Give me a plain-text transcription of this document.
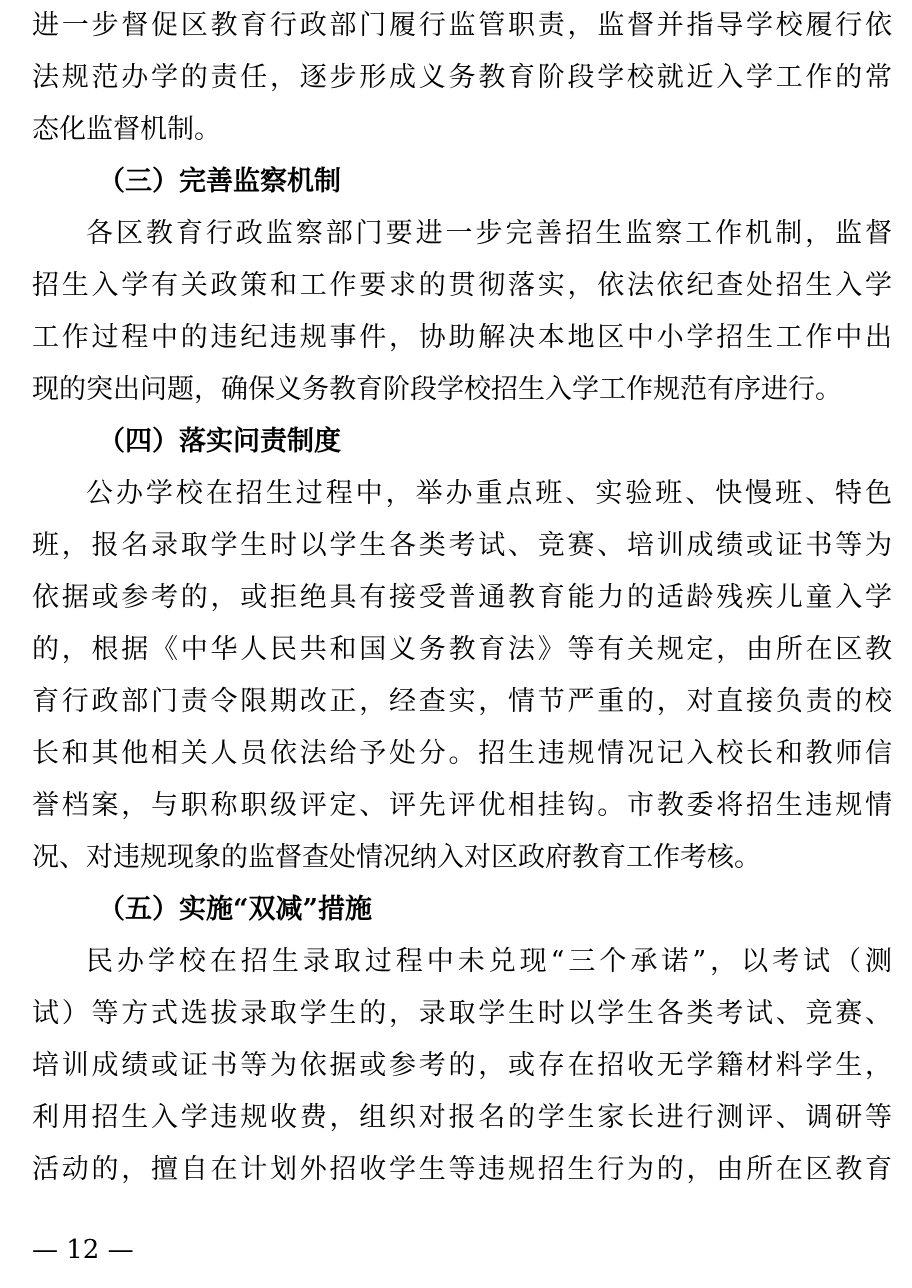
进一步督促区教育行政部门履行监管职责，监督并指导学校履行依
法规范办学的责任，逐步形成义务教育阶段学校就近入学工作的常
态化监督机制。
（三）完善监察机制
各区教育行政监察部门要进一步完善招生监察工作机制，监督
招生入学有关政策和工作要求的贯彻落实，依法依纪查处招生入学
工作过程中的违纪违规事件，协助解决本地区中小学招生工作中出
现的突出问题，确保义务教育阶段学校招生入学工作规范有序进行。
（四）落实问责制度
公办学校在招生过程中，举办重点班、实验班、快慢班、特色
班，报名录取学生时以学生各类考试、竞赛、培训成绩或证书等为
依据或参考的，或拒绝具有接受普通教育能力的适龄残疾儿童入学
的，根据《中华人民共和国义务教育法》等有关规定，由所在区教
育行政部门责令限期改正，经查实，情节严重的，对直接负责的校
长和其他相关人员依法给予处分。招生违规情况记入校长和教师信
誉档案，与职称职级评定、评先评优相挂钩。市教委将招生违规情
况、对违规现象的监督查处情况纳入对区政府教育工作考核。
（五）实施“双减”措施
民办学校在招生录取过程中未兑现“三个承诺”，以考试（测
试）等方式选拔录取学生的，录取学生时以学生各类考试、竞赛、
培训成绩或证书等为依据或参考的，或存在招收无学籍材料学生，
利用招生入学违规收费，组织对报名的学生家长进行测评、调研等
活动的，擅自在计划外招收学生等违规招生行为的，由所在区教育
— 12 —
